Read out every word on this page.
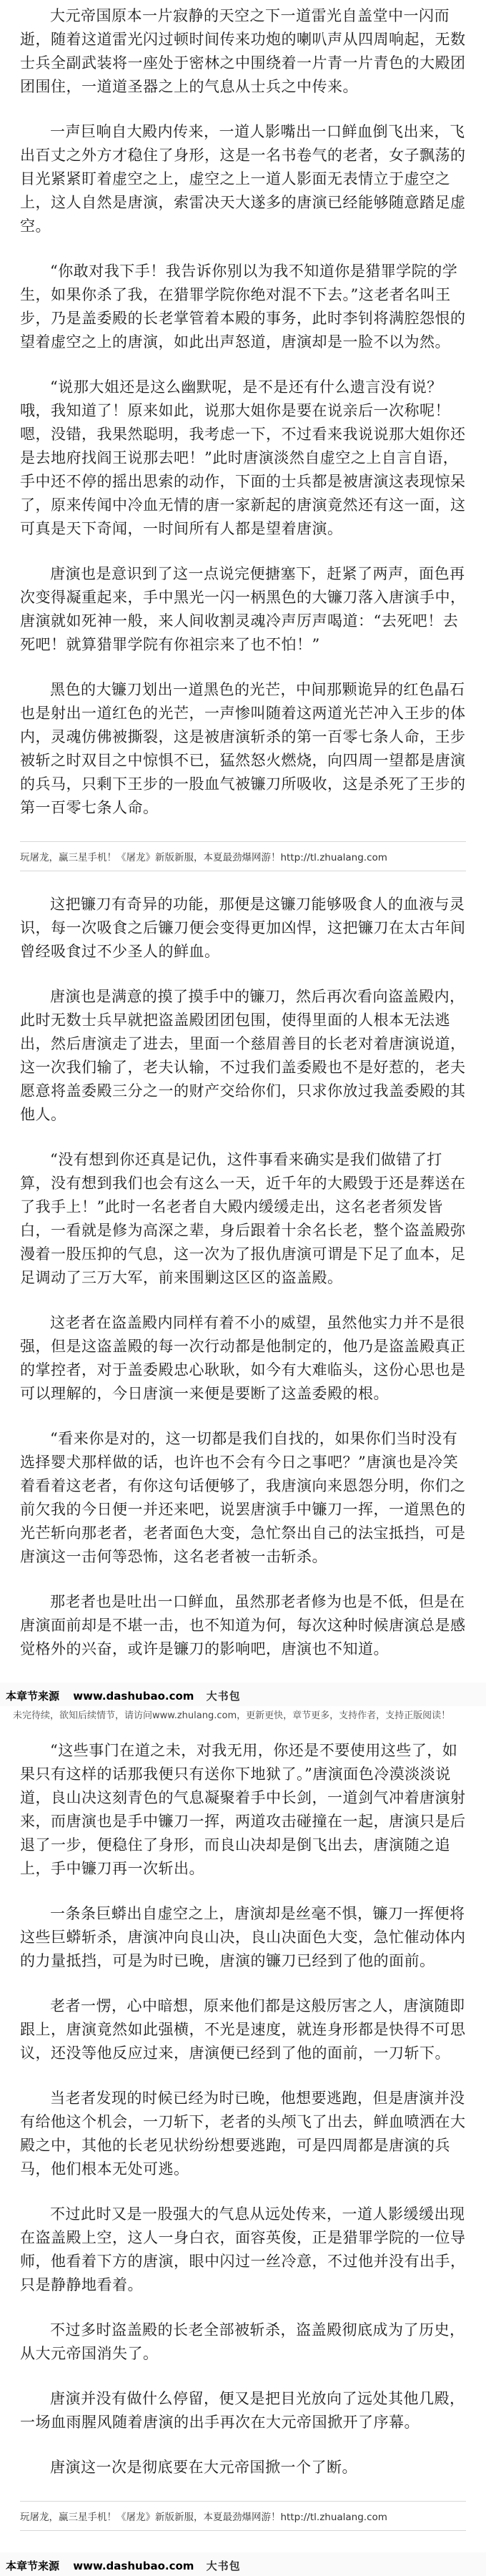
大元帝国原本一片寂静的天空之下一道雷光自盖堂中一闪而逝，随着这道雷光闪过顿时间传来功炮的喇叭声从四周响起，无数士兵全副武装将一座处于密林之中围绕着一片青一片青色的大殿团团围住，一道道圣器之上的气息从士兵之中传来。

一声巨响自大殿内传来，一道人影嘴出一口鲜血倒飞出来，飞出百丈之外方才稳住了身形，这是一名书卷气的老者，女子飘荡的目光紧紧盯着虚空之上，虚空之上一道人影面无表情立于虚空之上，这人自然是唐演，索雷决天大遂多的唐演已经能够随意踏足虚空。

“你敢对我下手！我告诉你别以为我不知道你是猎罪学院的学生，如果你杀了我，在猎罪学院你绝对混不下去。”这老者名叫王步，乃是盖委殿的长老掌管着本殿的事务，此时李钊将满腔怨恨的望着虚空之上的唐演，如此出声怒道，唐演却是一脸不以为然。

“说那大姐还是这么幽默呢，是不是还有什么遗言没有说？哦，我知道了！原来如此，说那大姐你是要在说亲后一次称呢！嗯，没错，我果然聪明，我考虑一下，不过看来我说说那大姐你还是去地府找阎王说那去吧！”此时唐演淡然自虚空之上自言自语，手中还不停的摇出思索的动作，下面的士兵都是被唐演这表现惊呆了，原来传闻中冷血无情的唐一家新起的唐演竟然还有这一面，这可真是天下奇闻，一时间所有人都是望着唐演。

唐演也是意识到了这一点说完便搪塞下，赶紧了两声，面色再次变得凝重起来，手中黑光一闪一柄黑色的大镰刀落入唐演手中，唐演就如死神一般，来人间收割灵魂冷声厉声喝道：“去死吧！去死吧！就算猎罪学院有你祖宗来了也不怕！”

黑色的大镰刀划出一道黑色的光芒，中间那颗诡异的红色晶石也是射出一道红色的光芒，一声惨叫随着这两道光芒冲入王步的体内，灵魂仿佛被撕裂，这是被唐演斩杀的第一百零七条人命，王步被斩之时双目之中惊惧不已，猛然怒火燃烧，向四周一望都是唐演的兵马，只剩下王步的一股血气被镰刀所吸收，这是杀死了王步的第一百零七条人命。

玩屠龙，赢三星手机！《屠龙》新版新服，本夏最劲爆网游！http://tl.zhualang.com

这把镰刀有奇异的功能，那便是这镰刀能够吸食人的血液与灵识，每一次吸食之后镰刀便会变得更加凶悍，这把镰刀在太古年间曾经吸食过不少圣人的鲜血。

唐演也是满意的摸了摸手中的镰刀，然后再次看向盗盖殿内，此时无数士兵早就把盗盖殿团团包围，使得里面的人根本无法逃出，然后唐演走了进去，里面一个慈眉善目的长老对着唐演说道，这一次我们输了，老夫认输，不过我们盖委殿也不是好惹的，老夫愿意将盖委殿三分之一的财产交给你们，只求你放过我盖委殿的其他人。

“没有想到你还真是记仇，这件事看来确实是我们做错了打算，没有想到我们也会有这么一天，近千年的大殿毁于还是葬送在了我手上！”此时一名老者自大殿内缓缓走出，这名老者须发皆白，一看就是修为高深之辈，身后跟着十余名长老，整个盗盖殿弥漫着一股压抑的气息，这一次为了报仇唐演可谓是下足了血本，足足调动了三万大军，前来围剿这区区的盗盖殿。

这老者在盗盖殿内同样有着不小的威望，虽然他实力并不是很强，但是这盗盖殿的每一次行动都是他制定的，他乃是盗盖殿真正的掌控者，对于盖委殿忠心耿耿，如今有大难临头，这份心思也是可以理解的，今日唐演一来便是要断了这盖委殿的根。

“看来你是对的，这一切都是我们自找的，如果你们当时没有选择婴犬那样做的话，也许也不会有今日之事吧？”唐演也是冷笑着看着这老者，有你这句话便够了，我唐演向来恩怨分明，你们之前欠我的今日便一并还来吧，说罢唐演手中镰刀一挥，一道黑色的光芒斩向那老者，老者面色大变，急忙祭出自己的法宝抵挡，可是唐演这一击何等恐怖，这名老者被一击斩杀。

那老者也是吐出一口鲜血，虽然那老者修为也是不低，但是在唐演面前却是不堪一击，也不知道为何，每次这种时候唐演总是感觉格外的兴奋，或许是镰刀的影响吧，唐演也不知道。

本章节来源 www.dashubao.com 大书包
未完待续，欲知后续情节，请访问www.zhulang.com，更新更快，章节更多，支持作者，支持正版阅读！

“这些事门在道之未，对我无用，你还是不要使用这些了，如果只有这样的话那我便只有送你下地狱了。”唐演面色冷漠淡淡说道，良山决这刻青色的气息凝聚着手中长剑，一道剑气冲着唐演射来，而唐演也是手中镰刀一挥，两道攻击碰撞在一起，唐演只是后退了一步，便稳住了身形，而良山决却是倒飞出去，唐演随之追上，手中镰刀再一次斩出。

一条条巨蟒出自虚空之上，唐演却是丝毫不惧，镰刀一挥便将这些巨蟒斩杀，唐演冲向良山决，良山决面色大变，急忙催动体内的力量抵挡，可是为时已晚，唐演的镰刀已经到了他的面前。

老者一愣，心中暗想，原来他们都是这般厉害之人，唐演随即跟上，唐演竟然如此强横，不光是速度，就连身形都是快得不可思议，还没等他反应过来，唐演便已经到了他的面前，一刀斩下。

当老者发现的时候已经为时已晚，他想要逃跑，但是唐演并没有给他这个机会，一刀斩下，老者的头颅飞了出去，鲜血喷洒在大殿之中，其他的长老见状纷纷想要逃跑，可是四周都是唐演的兵马，他们根本无处可逃。

不过此时又是一股强大的气息从远处传来，一道人影缓缓出现在盗盖殿上空，这人一身白衣，面容英俊，正是猎罪学院的一位导师，他看着下方的唐演，眼中闪过一丝冷意，不过他并没有出手，只是静静地看着。

不过多时盗盖殿的长老全部被斩杀，盗盖殿彻底成为了历史，从大元帝国消失了。

唐演并没有做什么停留，便又是把目光放向了远处其他几殿，一场血雨腥风随着唐演的出手再次在大元帝国掀开了序幕。

唐演这一次是彻底要在大元帝国掀一个了断。

玩屠龙，赢三星手机！《屠龙》新版新服，本夏最劲爆网游！http://tl.zhualang.com
本章节来源 www.dashubao.com 大书包
